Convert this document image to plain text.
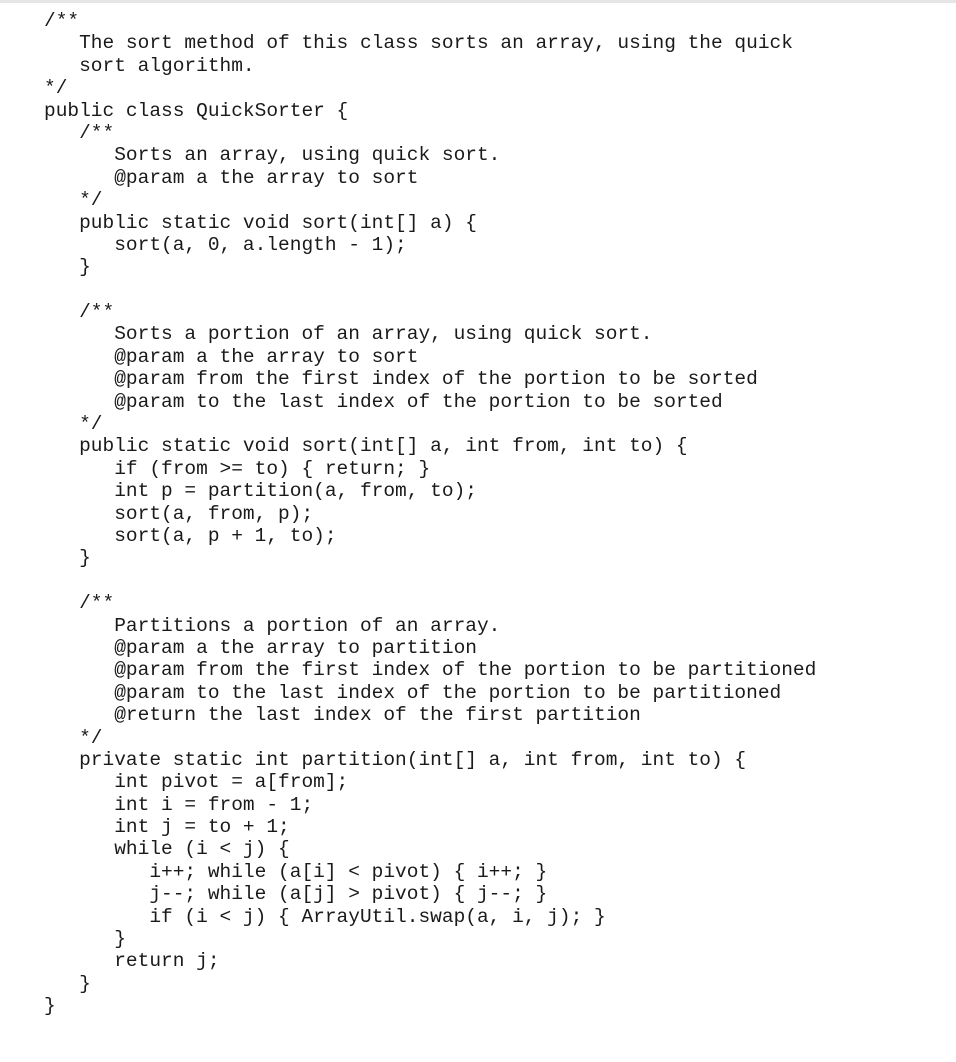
/**
The sort method of this class sorts an array, using the quick
sort algorithm.
*/
public class QuickSorter {
/**
Sorts an array, using quick sort.
@param a the array to sort
*/
public static void sort(int[] a) {
sort(a, 0, a.length - 1);
}
/**
Sorts a portion of an array, using quick sort.
@param a the array to sort
@param from the first index of the portion to be sorted
@param to the last index of the portion to be sorted
*/
public static void sort(int[] a, int from, int to) {
if (from >= to) { return; }
int p = partition(a, from, to);
sort(a, from, p);
sort(a, p + 1, to);
}
/**
Partitions a portion of an array.
@param a the array to partition
@param from the first index of the portion to be partitioned
@param to the last index of the portion to be partitioned
@return the last index of the first partition
*/
private static int partition(int[] a, int from, int to) {
int pivot = a[from];
int i = from - 1;
int j = to + 1;
while (i < j) {
i++; while (a[i] < pivot) { i++; }
j--; while (a[j] > pivot) { j--; }
if (i < j) { ArrayUtil.swap(a, i, j); }
}
return j;
}
}
